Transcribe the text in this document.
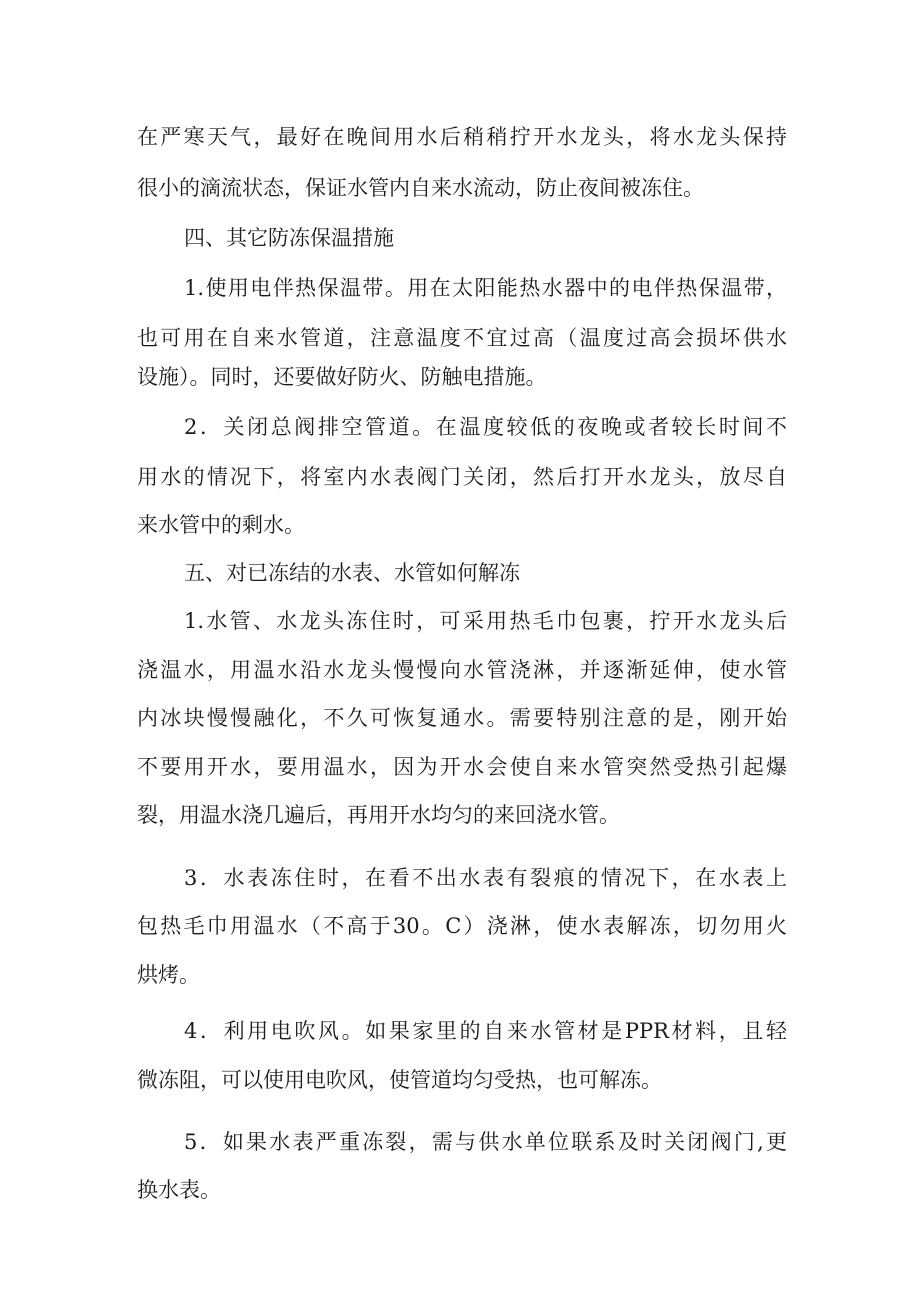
在严寒天气，最好在晚间用水后稍稍拧开水龙头，将水龙头保持
很小的滴流状态，保证水管内自来水流动，防止夜间被冻住。
四、其它防冻保温措施
1.使用电伴热保温带。用在太阳能热水器中的电伴热保温带，
也可用在自来水管道，注意温度不宜过高（温度过高会损坏供水
设施）。同时，还要做好防火、防触电措施。
2．关闭总阀排空管道。在温度较低的夜晚或者较长时间不
用水的情况下，将室内水表阀门关闭，然后打开水龙头，放尽自
来水管中的剩水。
五、对已冻结的水表、水管如何解冻
1.水管、水龙头冻住时，可采用热毛巾包裹，拧开水龙头后
浇温水，用温水沿水龙头慢慢向水管浇淋，并逐渐延伸，使水管
内冰块慢慢融化，不久可恢复通水。需要特别注意的是，刚开始
不要用开水，要用温水，因为开水会使自来水管突然受热引起爆
裂，用温水浇几遍后，再用开水均匀的来回浇水管。
3．水表冻住时，在看不出水表有裂痕的情况下，在水表上
包热毛巾用温水（不高于30。C）浇淋，使水表解冻，切勿用火
烘烤。
4．利用电吹风。如果家里的自来水管材是PPR材料，且轻
微冻阻，可以使用电吹风，使管道均匀受热，也可解冻。
5．如果水表严重冻裂，需与供水单位联系及时关闭阀门,更
换水表。
